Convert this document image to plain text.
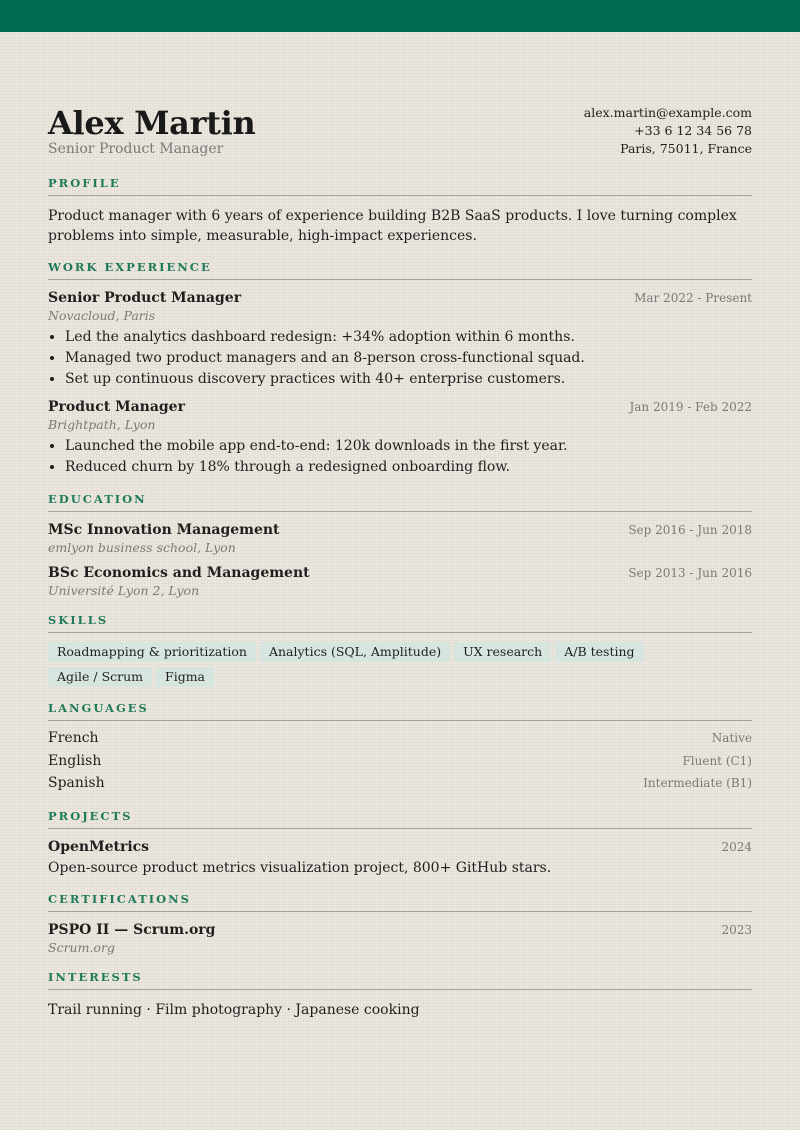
Alex Martin
Senior Product Manager
alex.martin@example.com
+33 6 12 34 56 78
Paris, 75011, France
PROFILE
Product manager with 6 years of experience building B2B SaaS products. I love turning complex problems into simple, measurable, high-impact experiences.
WORK EXPERIENCE
Senior Product Manager	Mar 2022 - Present
Novacloud, Paris
• Led the analytics dashboard redesign: +34% adoption within 6 months.
• Managed two product managers and an 8-person cross-functional squad.
• Set up continuous discovery practices with 40+ enterprise customers.
Product Manager	Jan 2019 - Feb 2022
Brightpath, Lyon
• Launched the mobile app end-to-end: 120k downloads in the first year.
• Reduced churn by 18% through a redesigned onboarding flow.
EDUCATION
MSc Innovation Management	Sep 2016 - Jun 2018
emlyon business school, Lyon
BSc Economics and Management	Sep 2013 - Jun 2016
Université Lyon 2, Lyon
SKILLS
Roadmapping & prioritization	Analytics (SQL, Amplitude)	UX research	A/B testing
Agile / Scrum	Figma
LANGUAGES
French	Native
English	Fluent (C1)
Spanish	Intermediate (B1)
PROJECTS
OpenMetrics	2024
Open-source product metrics visualization project, 800+ GitHub stars.
CERTIFICATIONS
PSPO II — Scrum.org	2023
Scrum.org
INTERESTS
Trail running · Film photography · Japanese cooking
